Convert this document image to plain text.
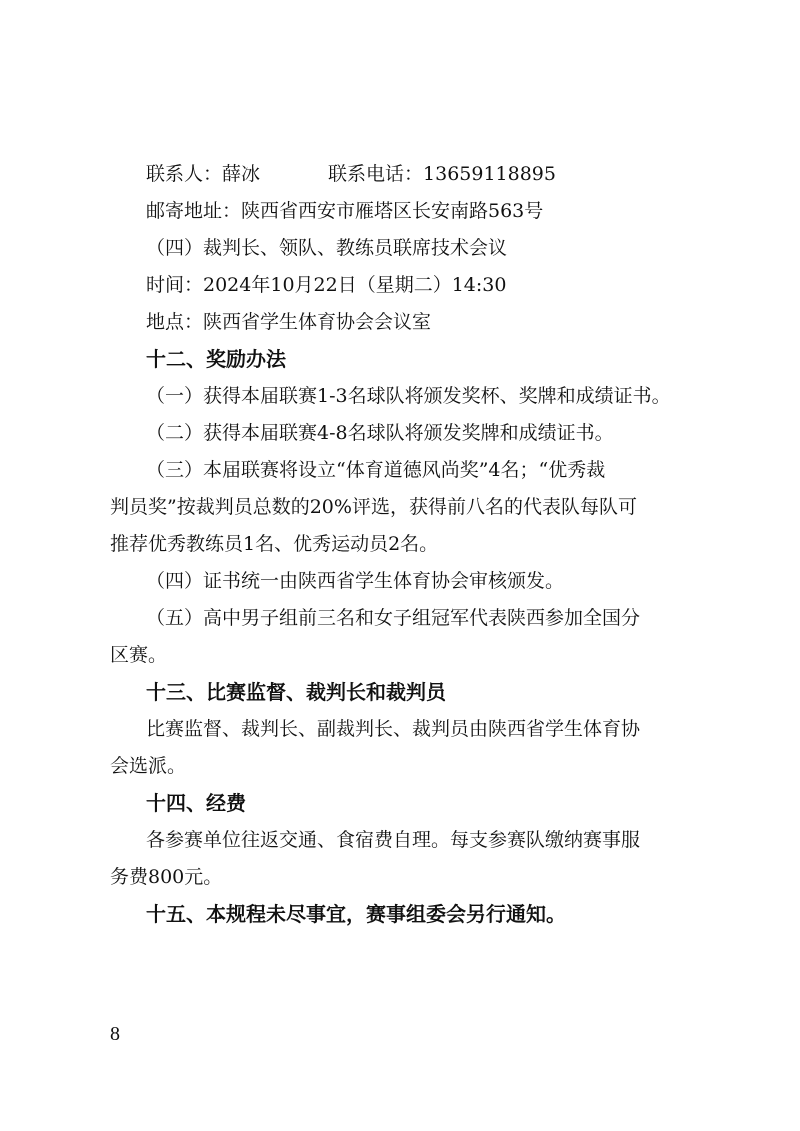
联系人：薛冰	联系电话：13659118895
邮寄地址：陕西省西安市雁塔区长安南路563号
（四）裁判长、领队、教练员联席技术会议
时间：2024年10月22日（星期二）14:30
地点：陕西省学生体育协会会议室
十二、奖励办法
（一）获得本届联赛1-3名球队将颁发奖杯、奖牌和成绩证书。
（二）获得本届联赛4-8名球队将颁发奖牌和成绩证书。
（三）本届联赛将设立“体育道德风尚奖”4名；“优秀裁
判员奖”按裁判员总数的20%评选，获得前八名的代表队每队可
推荐优秀教练员1名、优秀运动员2名。
（四）证书统一由陕西省学生体育协会审核颁发。
（五）高中男子组前三名和女子组冠军代表陕西参加全国分
区赛。
十三、比赛监督、裁判长和裁判员
比赛监督、裁判长、副裁判长、裁判员由陕西省学生体育协
会选派。
十四、经费
各参赛单位往返交通、食宿费自理。每支参赛队缴纳赛事服
务费800元。
十五、本规程未尽事宜，赛事组委会另行通知。
8
